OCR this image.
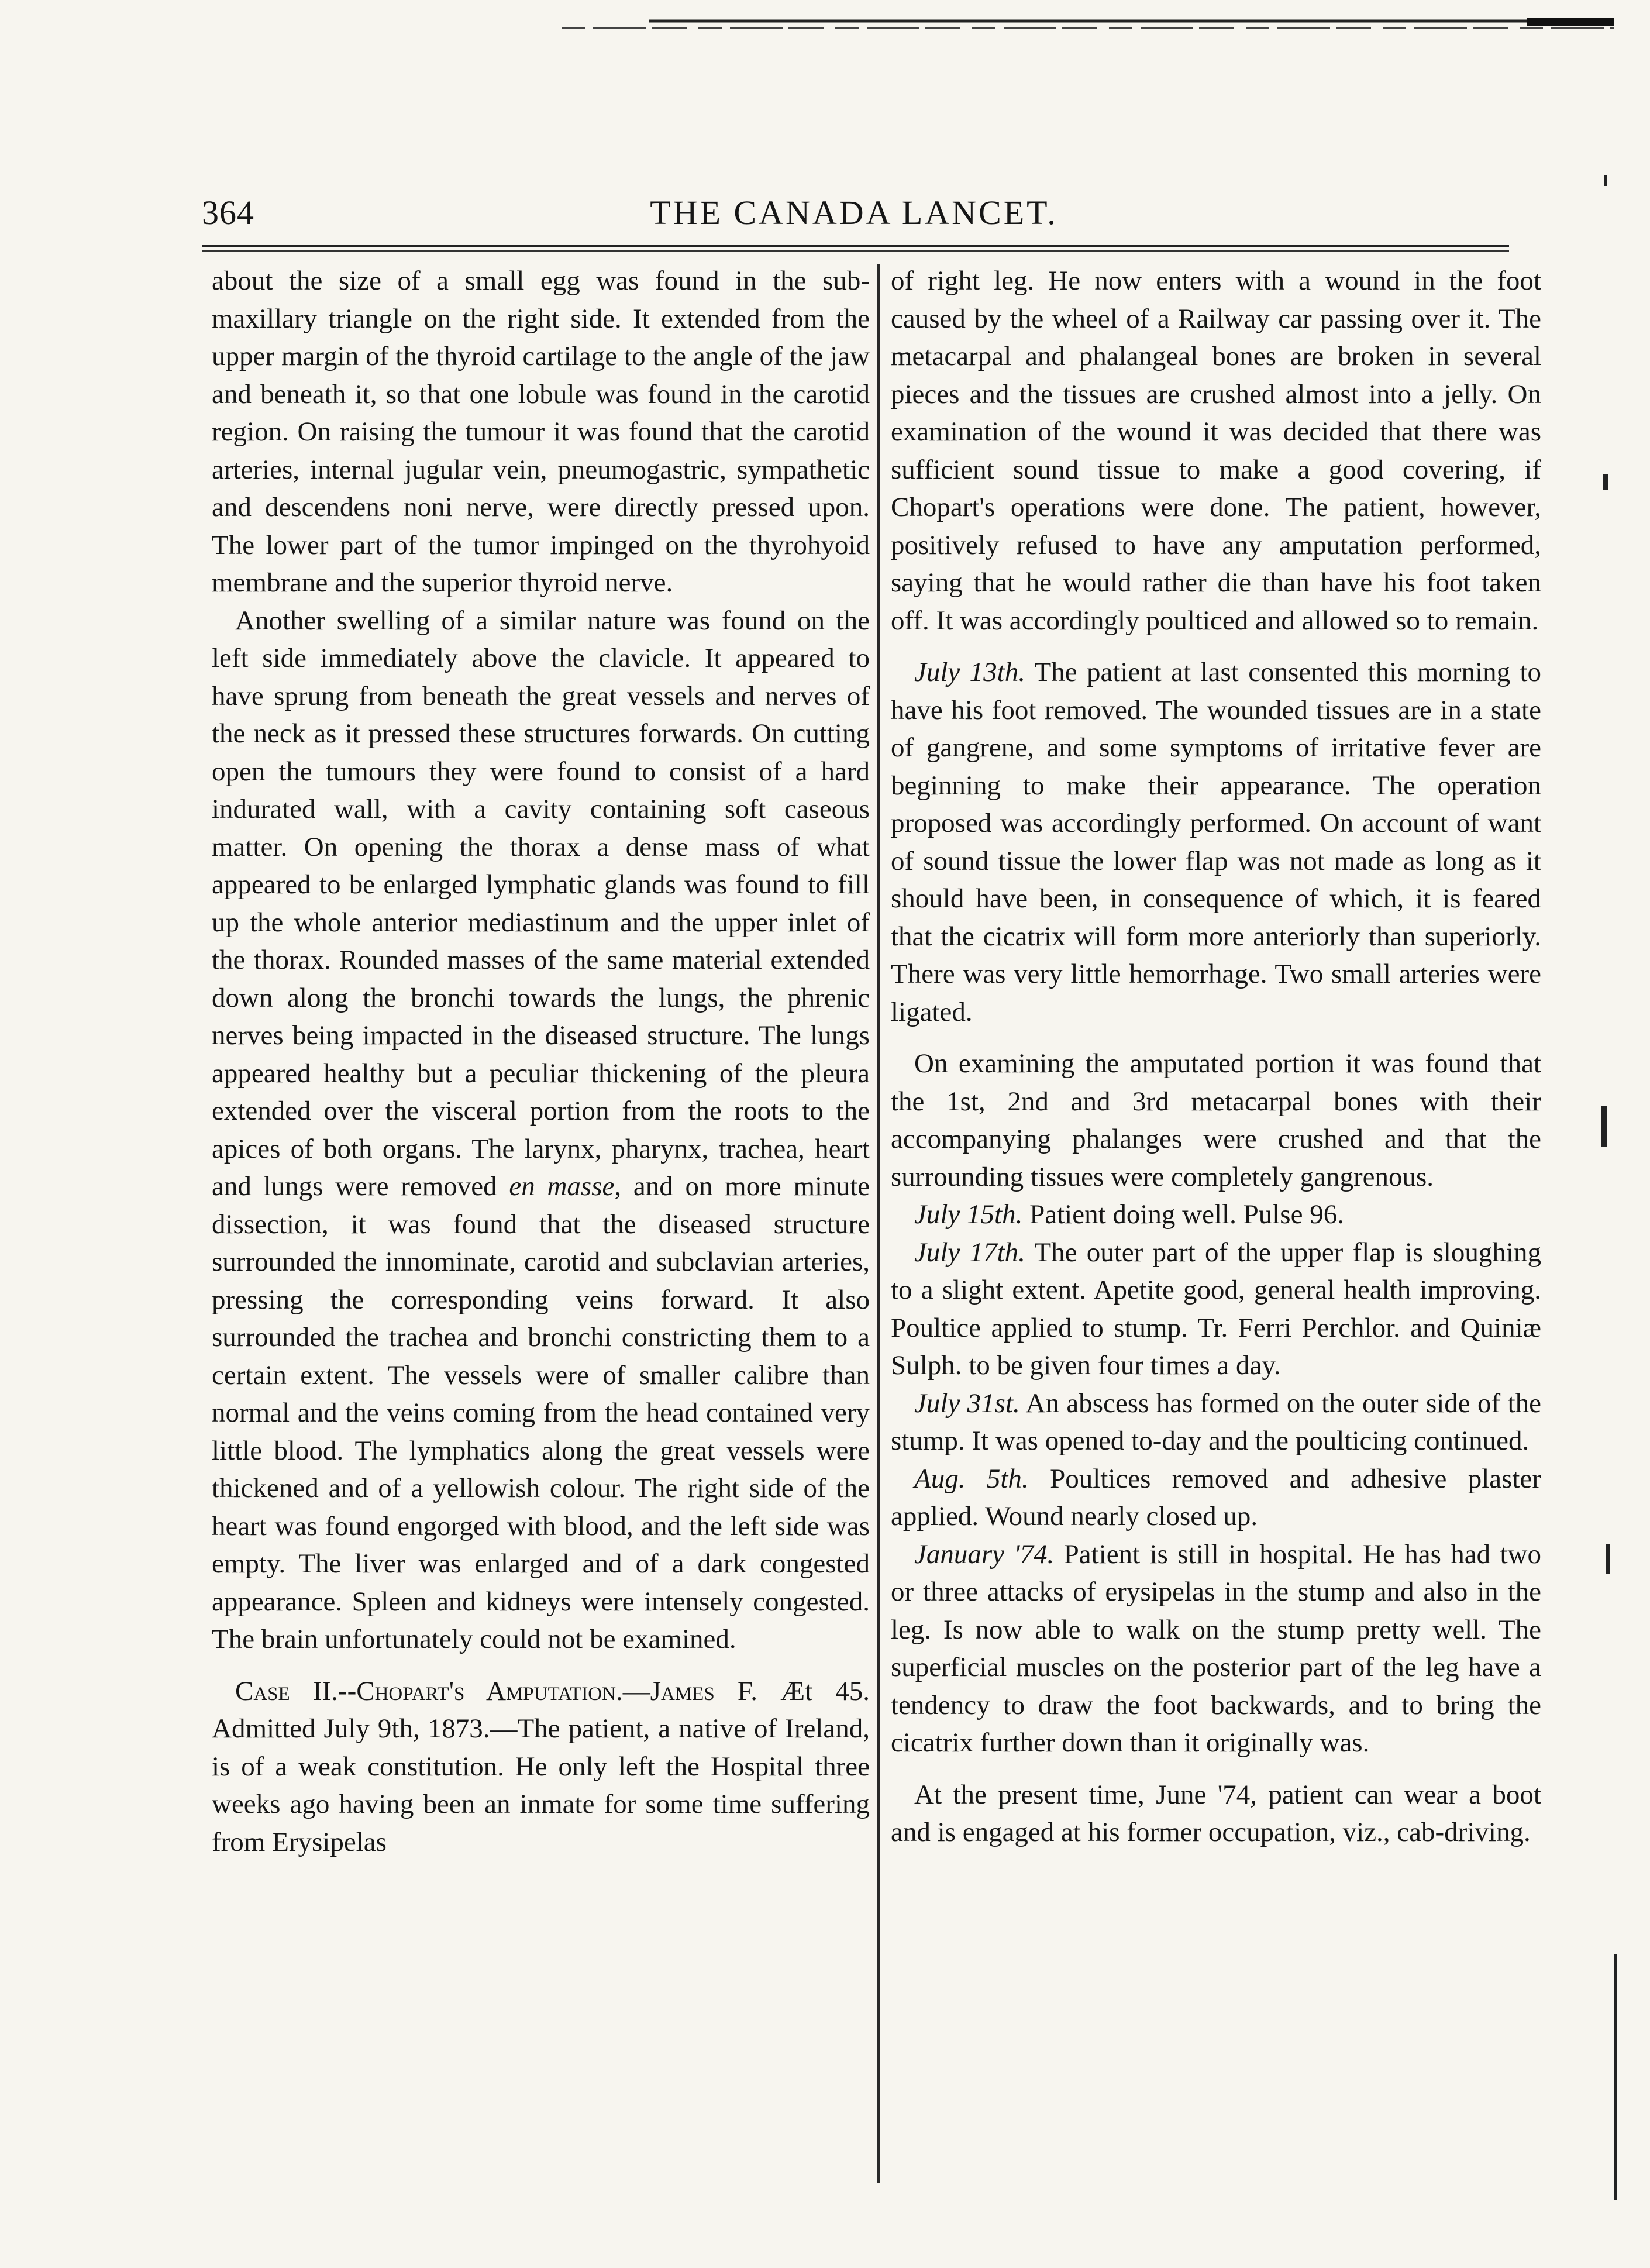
364	THE CANADA LANCET.

about the size of a small egg was found in the sub-maxillary triangle on the right side. It extended from the upper margin of the thyroid cartilage to the angle of the jaw and beneath it, so that one lobule was found in the carotid region. On raising the tumour it was found that the carotid arteries, internal jugular vein, pneumogastric, sympathetic and descendens noni nerve, were directly pressed upon. The lower part of the tumor impinged on the thyrohyoid membrane and the superior thyroid nerve.

Another swelling of a similar nature was found on the left side immediately above the clavicle. It appeared to have sprung from beneath the great vessels and nerves of the neck as it pressed these structures forwards. On cutting open the tumours they were found to consist of a hard indurated wall, with a cavity containing soft caseous matter. On opening the thorax a dense mass of what appeared to be enlarged lymphatic glands was found to fill up the whole anterior mediastinum and the upper inlet of the thorax. Rounded masses of the same material extended down along the bronchi towards the lungs, the phrenic nerves being impacted in the diseased structure. The lungs appeared healthy but a peculiar thickening of the pleura extended over the visceral portion from the roots to the apices of both organs. The larynx, pharynx, trachea, heart and lungs were removed en masse, and on more minute dissection, it was found that the diseased structure surrounded the innominate, carotid and subclavian arteries, pressing the corresponding veins forward. It also surrounded the trachea and bronchi constricting them to a certain extent. The vessels were of smaller calibre than normal and the veins coming from the head contained very little blood. The lymphatics along the great vessels were thickened and of a yellowish colour. The right side of the heart was found engorged with blood, and the left side was empty. The liver was enlarged and of a dark congested appearance. Spleen and kidneys were intensely congested. The brain unfortunately could not be examined.

Case II.--Chopart's Amputation.—James F. Æt 45. Admitted July 9th, 1873.—The patient, a native of Ireland, is of a weak constitution. He only left the Hospital three weeks ago having been an inmate for some time suffering from Erysipelas

of right leg. He now enters with a wound in the foot caused by the wheel of a Railway car passing over it. The metacarpal and phalangeal bones are broken in several pieces and the tissues are crushed almost into a jelly. On examination of the wound it was decided that there was sufficient sound tissue to make a good covering, if Chopart's operations were done. The patient, however, positively refused to have any amputation performed, saying that he would rather die than have his foot taken off. It was accordingly poulticed and allowed so to remain.

July 13th. The patient at last consented this morning to have his foot removed. The wounded tissues are in a state of gangrene, and some symptoms of irritative fever are beginning to make their appearance. The operation proposed was accordingly performed. On account of want of sound tissue the lower flap was not made as long as it should have been, in consequence of which, it is feared that the cicatrix will form more anteriorly than superiorly. There was very little hemorrhage. Two small arteries were ligated.

On examining the amputated portion it was found that the 1st, 2nd and 3rd metacarpal bones with their accompanying phalanges were crushed and that the surrounding tissues were completely gangrenous.

July 15th. Patient doing well. Pulse 96.

July 17th. The outer part of the upper flap is sloughing to a slight extent. Apetite good, general health improving. Poultice applied to stump. Tr. Ferri Perchlor. and Quiniæ Sulph. to be given four times a day.

July 31st. An abscess has formed on the outer side of the stump. It was opened to-day and the poulticing continued.

Aug. 5th. Poultices removed and adhesive plaster applied. Wound nearly closed up.

January '74. Patient is still in hospital. He has had two or three attacks of erysipelas in the stump and also in the leg. Is now able to walk on the stump pretty well. The superficial muscles on the posterior part of the leg have a tendency to draw the foot backwards, and to bring the cicatrix further down than it originally was.

At the present time, June '74, patient can wear a boot and is engaged at his former occupation, viz., cab-driving.
